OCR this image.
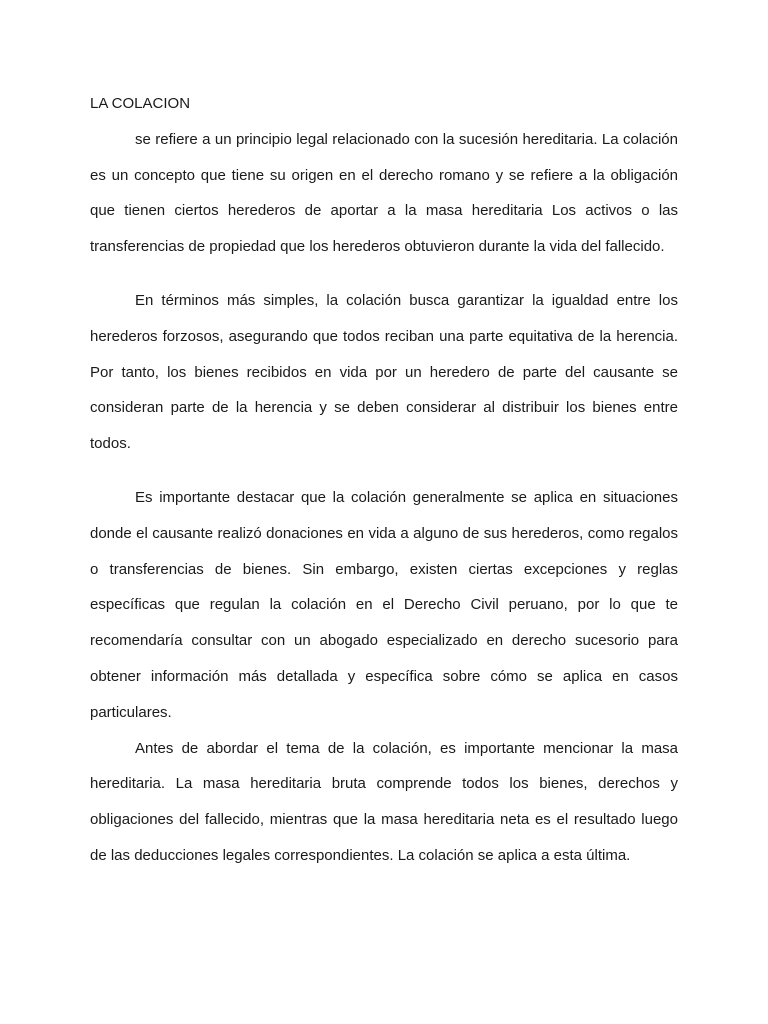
LA COLACION

se refiere a un principio legal relacionado con la sucesión hereditaria. La colación es un concepto que tiene su origen en el derecho romano y se refiere a la obligación que tienen ciertos herederos de aportar a la masa hereditaria Los activos o las transferencias de propiedad que los herederos obtuvieron durante la vida del fallecido.

En términos más simples, la colación busca garantizar la igualdad entre los herederos forzosos, asegurando que todos reciban una parte equitativa de la herencia. Por tanto, los bienes recibidos en vida por un heredero de parte del causante se consideran parte de la herencia y se deben considerar al distribuir los bienes entre todos.

Es importante destacar que la colación generalmente se aplica en situaciones donde el causante realizó donaciones en vida a alguno de sus herederos, como regalos o transferencias de bienes. Sin embargo, existen ciertas excepciones y reglas específicas que regulan la colación en el Derecho Civil peruano, por lo que te recomendaría consultar con un abogado especializado en derecho sucesorio para obtener información más detallada y específica sobre cómo se aplica en casos particulares.

Antes de abordar el tema de la colación, es importante mencionar la masa hereditaria. La masa hereditaria bruta comprende todos los bienes, derechos y obligaciones del fallecido, mientras que la masa hereditaria neta es el resultado luego de las deducciones legales correspondientes. La colación se aplica a esta última.
